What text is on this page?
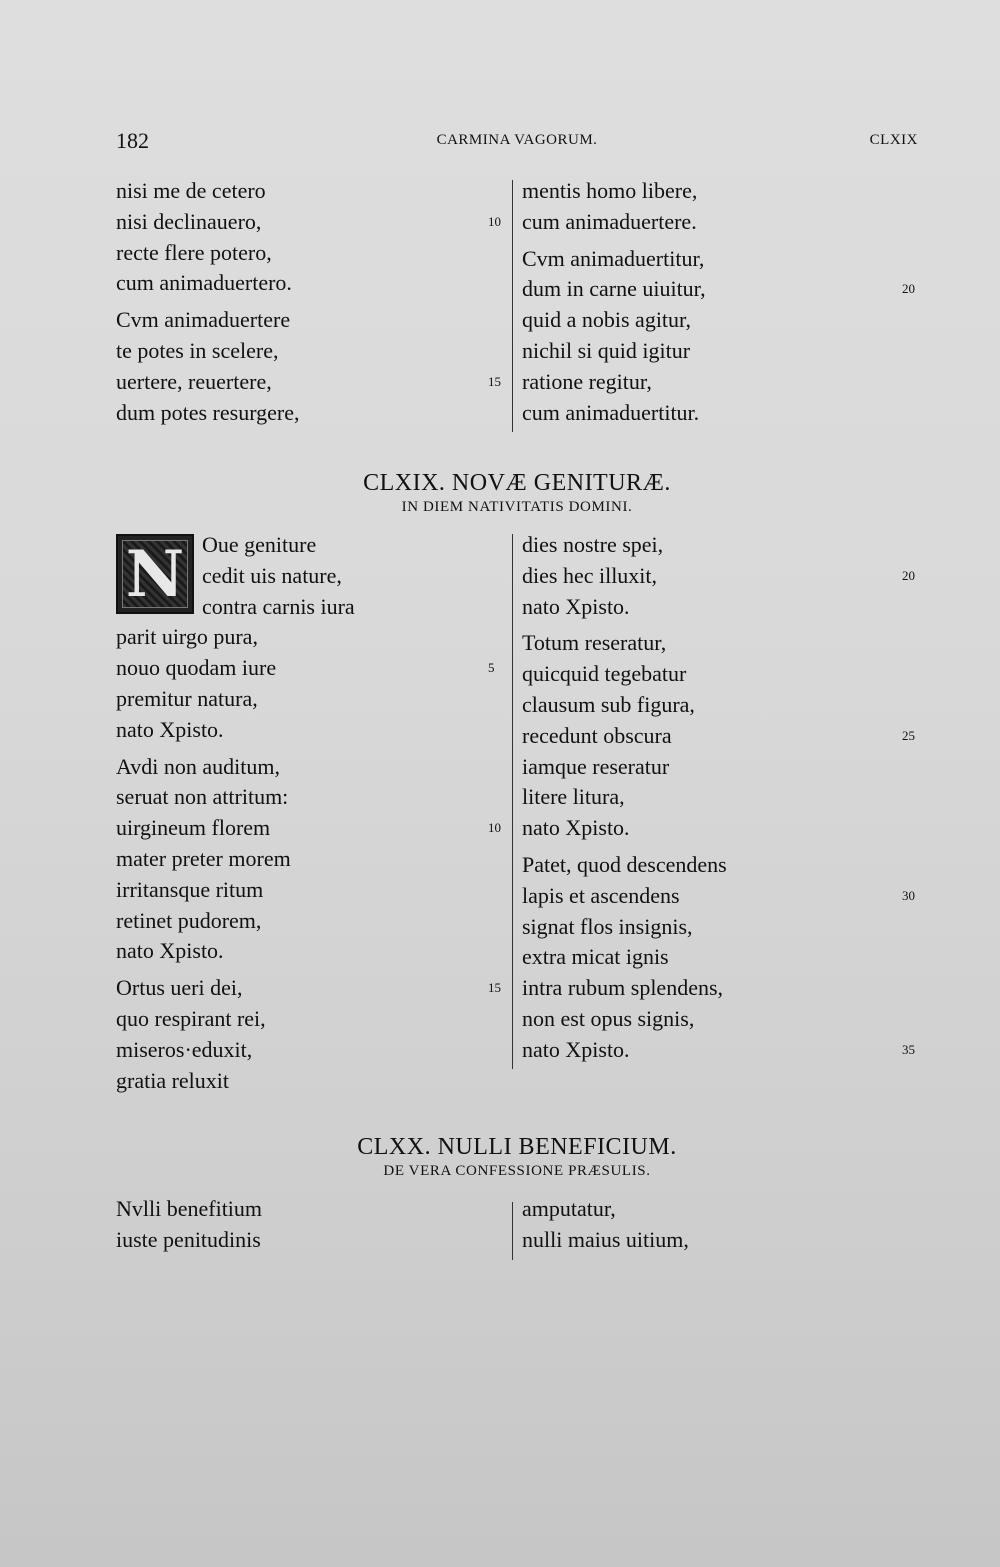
182	CARMINA VAGORUM.	CLXIX
nisi me de cetero
nisi declinauero,	10
recte flere potero,
cum animaduertero.
Cvm animaduertere
te potes in scelere,
uertere, reuertere,	15
dum potes resurgere,
mentis homo libere,
cum animaduertere.
Cvm animaduertitur,
dum in carne uiuitur,	20
quid a nobis agitur,
nichil si quid igitur
ratione regitur,
cum animaduertitur.
CLXIX. NOVÆ GENITURÆ.
IN DIEM NATIVITATIS DOMINI.
N Oue geniture
cedit uis nature,
contra carnis iura
parit uirgo pura,
nouo quodam iure	5
premitur natura,
nato Xpisto.
Avdi non auditum,
seruat non attritum:
uirgineum florem	10
mater preter morem
irritansque ritum
retinet pudorem,
nato Xpisto.
Ortus ueri dei,	15
quo respirant rei,
miseros·eduxit,
gratia reluxit
dies nostre spei,
dies hec illuxit,	20
nato Xpisto.
Totum reseratur,
quicquid tegebatur
clausum sub figura,
recedunt obscura	25
iamque reseratur
litere litura,
nato Xpisto.
Patet, quod descendens
lapis et ascendens	30
signat flos insignis,
extra micat ignis
intra rubum splendens,
non est opus signis,
nato Xpisto.	35
CLXX. NULLI BENEFICIUM.
DE VERA CONFESSIONE PRÆSULIS.
Nvlli benefitium
iuste penitudinis
amputatur,
nulli maius uitium,
